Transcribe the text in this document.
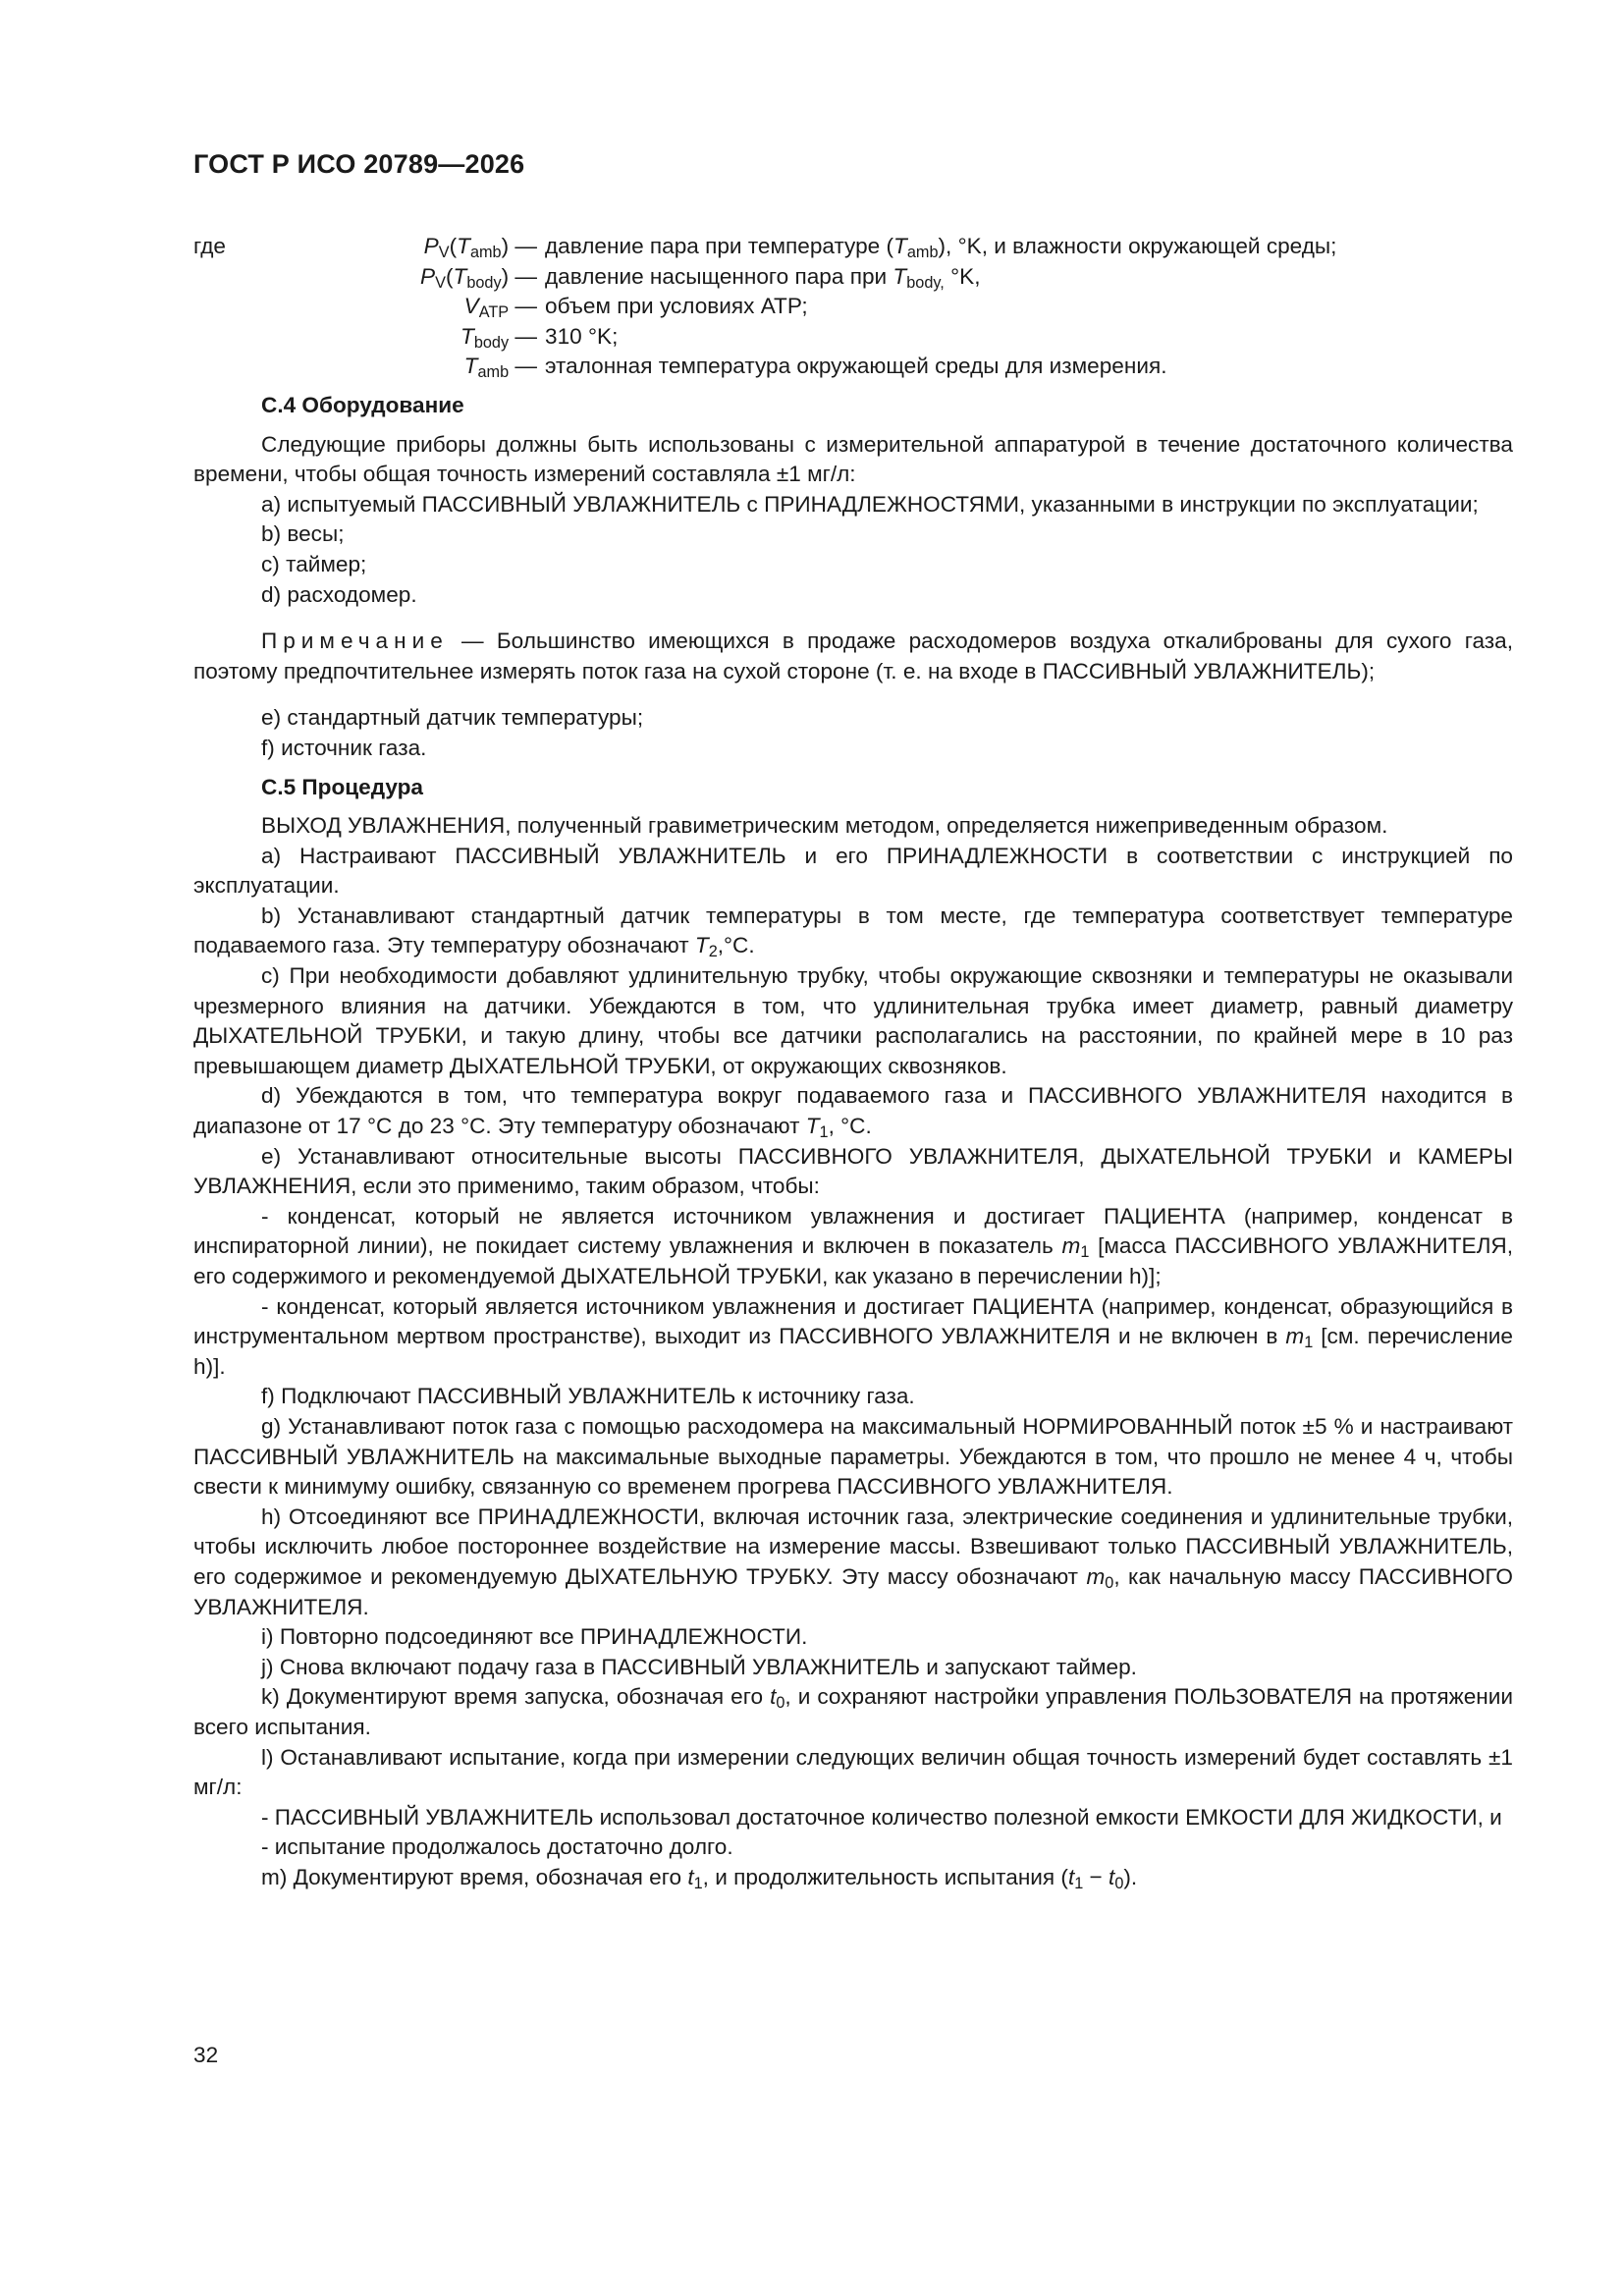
ГОСТ Р ИСО 20789—2026
где	$P_V(T_{amb})$ — давление пара при температуре $(T_{amb})$, °K, и влажности окружающей среды;
$P_V(T_{body})$ — давление насыщенного пара при $T_{body,}$ °K,
$V_{ATP}$ — объем при условиях АТР;
$T_{body}$ — 310 °K;
$T_{amb}$ — эталонная температура окружающей среды для измерения.

C.4 Оборудование

Следующие приборы должны быть использованы с измерительной аппаратурой в течение достаточного количества времени, чтобы общая точность измерений составляла ±1 мг/л:

a) испытуемый ПАССИВНЫЙ УВЛАЖНИТЕЛЬ с ПРИНАДЛЕЖНОСТЯМИ, указанными в инструкции по эксплуатации;

b) весы;

c) таймер;

d) расходомер.

Примечание — Большинство имеющихся в продаже расходомеров воздуха откалиброваны для сухого газа, поэтому предпочтительнее измерять поток газа на сухой стороне (т. е. на входе в ПАССИВНЫЙ УВЛАЖНИТЕЛЬ);

e) стандартный датчик температуры;

f) источник газа.

C.5 Процедура

ВЫХОД УВЛАЖНЕНИЯ, полученный гравиметрическим методом, определяется нижеприведенным образом.

a) Настраивают ПАССИВНЫЙ УВЛАЖНИТЕЛЬ и его ПРИНАДЛЕЖНОСТИ в соответствии с инструкцией по эксплуатации.

b) Устанавливают стандартный датчик температуры в том месте, где температура соответствует температуре подаваемого газа. Эту температуру обозначают $T_2,^\circ С$.

c) При необходимости добавляют удлинительную трубку, чтобы окружающие сквозняки и температуры не оказывали чрезмерного влияния на датчики. Убеждаются в том, что удлинительная трубка имеет диаметр, равный диаметру ДЫХАТЕЛЬНОЙ ТРУБКИ, и такую длину, чтобы все датчики располагались на расстоянии, по крайней мере в 10 раз превышающем диаметр ДЫХАТЕЛЬНОЙ ТРУБКИ, от окружающих сквозняков.

d) Убеждаются в том, что температура вокруг подаваемого газа и ПАССИВНОГО УВЛАЖНИТЕЛЯ находится в диапазоне от 17 °С до 23 °С. Эту температуру обозначают $T_1$, °С.

e) Устанавливают относительные высоты ПАССИВНОГО УВЛАЖНИТЕЛЯ, ДЫХАТЕЛЬНОЙ ТРУБКИ и КАМЕРЫ УВЛАЖНЕНИЯ, если это применимо, таким образом, чтобы:

- конденсат, который не является источником увлажнения и достигает ПАЦИЕНТА (например, конденсат в инспираторной линии), не покидает систему увлажнения и включен в показатель $m_1$ [масса ПАССИВНОГО УВЛАЖНИТЕЛЯ, его содержимого и рекомендуемой ДЫХАТЕЛЬНОЙ ТРУБКИ, как указано в перечислении h)];

- конденсат, который является источником увлажнения и достигает ПАЦИЕНТА (например, конденсат, образующийся в инструментальном мертвом пространстве), выходит из ПАССИВНОГО УВЛАЖНИТЕЛЯ и не включен в $m_1$ [см. перечисление h)].

f) Подключают ПАССИВНЫЙ УВЛАЖНИТЕЛЬ к источнику газа.

g) Устанавливают поток газа с помощью расходомера на максимальный НОРМИРОВАННЫЙ поток ±5 % и настраивают ПАССИВНЫЙ УВЛАЖНИТЕЛЬ на максимальные выходные параметры. Убеждаются в том, что прошло не менее 4 ч, чтобы свести к минимуму ошибку, связанную со временем прогрева ПАССИВНОГО УВЛАЖНИТЕЛЯ.

h) Отсоединяют все ПРИНАДЛЕЖНОСТИ, включая источник газа, электрические соединения и удлинительные трубки, чтобы исключить любое постороннее воздействие на измерение массы. Взвешивают только ПАССИВНЫЙ УВЛАЖНИТЕЛЬ, его содержимое и рекомендуемую ДЫХАТЕЛЬНУЮ ТРУБКУ. Эту массу обозначают $m_0$, как начальную массу ПАССИВНОГО УВЛАЖНИТЕЛЯ.

i) Повторно подсоединяют все ПРИНАДЛЕЖНОСТИ.

j) Снова включают подачу газа в ПАССИВНЫЙ УВЛАЖНИТЕЛЬ и запускают таймер.

k) Документируют время запуска, обозначая его $t_0$, и сохраняют настройки управления ПОЛЬЗОВАТЕЛЯ на протяжении всего испытания.

l) Останавливают испытание, когда при измерении следующих величин общая точность измерений будет составлять ±1 мг/л:

- ПАССИВНЫЙ УВЛАЖНИТЕЛЬ использовал достаточное количество полезной емкости ЕМКОСТИ ДЛЯ ЖИДКОСТИ, и

- испытание продолжалось достаточно долго.

m) Документируют время, обозначая его $t_1$, и продолжительность испытания $(t_1 - t_0)$.

32
